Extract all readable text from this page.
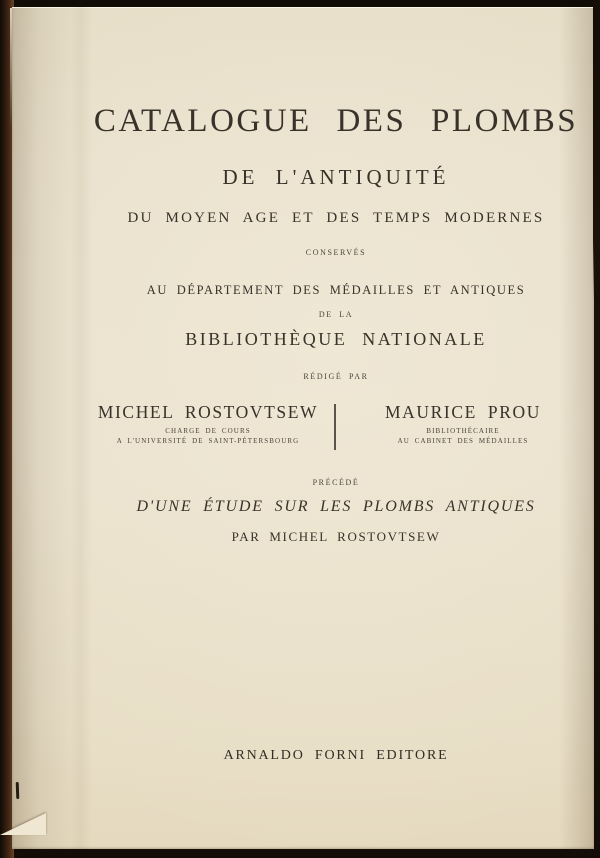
CATALOGUE DES PLOMBS
DE L'ANTIQUITÉ
DU MOYEN AGE ET DES TEMPS MODERNES
CONSERVÉS
AU DÉPARTEMENT DES MÉDAILLES ET ANTIQUES
DE LA
BIBLIOTHÈQUE NATIONALE
RÉDIGÉ PAR
MICHEL ROSTOVTSEW
CHARGE DE COURS
A L'UNIVERSITÉ DE SAINT-PÉTERSBOURG
MAURICE PROU
BIBLIOTHÉCAIRE
AU CABINET DES MÉDAILLES
PRÉCÉDÉ
D'UNE ÉTUDE SUR LES PLOMBS ANTIQUES
PAR MICHEL ROSTOVTSEW
ARNALDO FORNI EDITORE
